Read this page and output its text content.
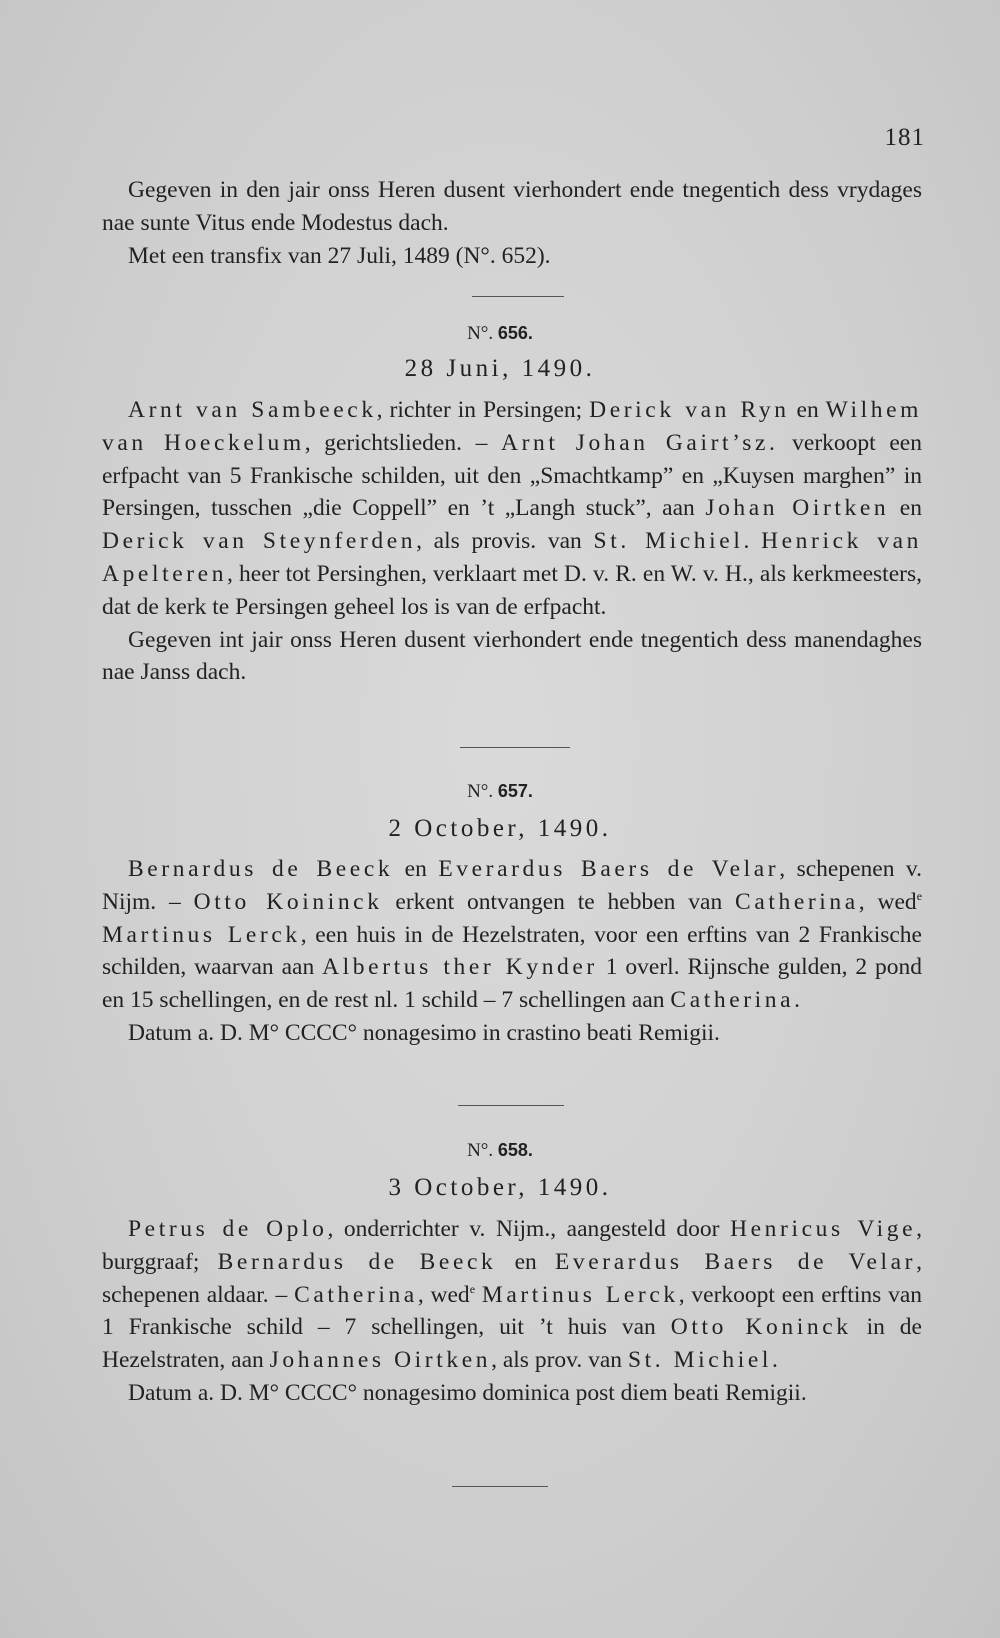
181

Gegeven in den jair onss Heren dusent vierhondert ende tnegentich dess vrydages nae sunte Vitus ende Modestus dach.

Met een transfix van 27 Juli, 1489 (N°. 652).

N°. 656.
28 Juni, 1490.

Arnt van Sambeeck, richter in Persingen; Derick van Ryn en Wilhem van Hoeckelum, gerichtslieden. – Arnt Johan Gairt’sz. verkoopt een erfpacht van 5 Frankische schilden, uit den „Smachtkamp” en „Kuysen marghen” in Persingen, tusschen „die Coppell” en ’t „Langh stuck”, aan Johan Oirtken en Derick van Steynferden, als provis. van St. Michiel. Henrick van Apelteren, heer tot Persinghen, verklaart met D. v. R. en W. v. H., als kerkmeesters, dat de kerk te Persingen geheel los is van de erfpacht.

Gegeven int jair onss Heren dusent vierhondert ende tnegentich dess manendaghes nae Janss dach.

N°. 657.
2 October, 1490.

Bernardus de Beeck en Everardus Baers de Velar, schepenen v. Nijm. – Otto Koininck erkent ontvangen te hebben van Catherina, wed$^e$ Martinus Lerck, een huis in de Hezelstraten, voor een erftins van 2 Frankische schilden, waarvan aan Albertus ther Kynder 1 overl. Rijnsche gulden, 2 pond en 15 schellingen, en de rest nl. 1 schild – 7 schellingen aan Catherina.

Datum a. D. M° CCCC° nonagesimo in crastino beati Remigii.

N°. 658.
3 October, 1490.

Petrus de Oplo, onderrichter v. Nijm., aangesteld door Henricus Vige, burggraaf; Bernardus de Beeck en Everardus Baers de Velar, schepenen aldaar. – Catherina, wed$^e$ Martinus Lerck, verkoopt een erftins van 1 Frankische schild – 7 schellingen, uit ’t huis van Otto Koninck in de Hezelstraten, aan Johannes Oirtken, als prov. van St. Michiel.

Datum a. D. M° CCCC° nonagesimo dominica post diem beati Remigii.
